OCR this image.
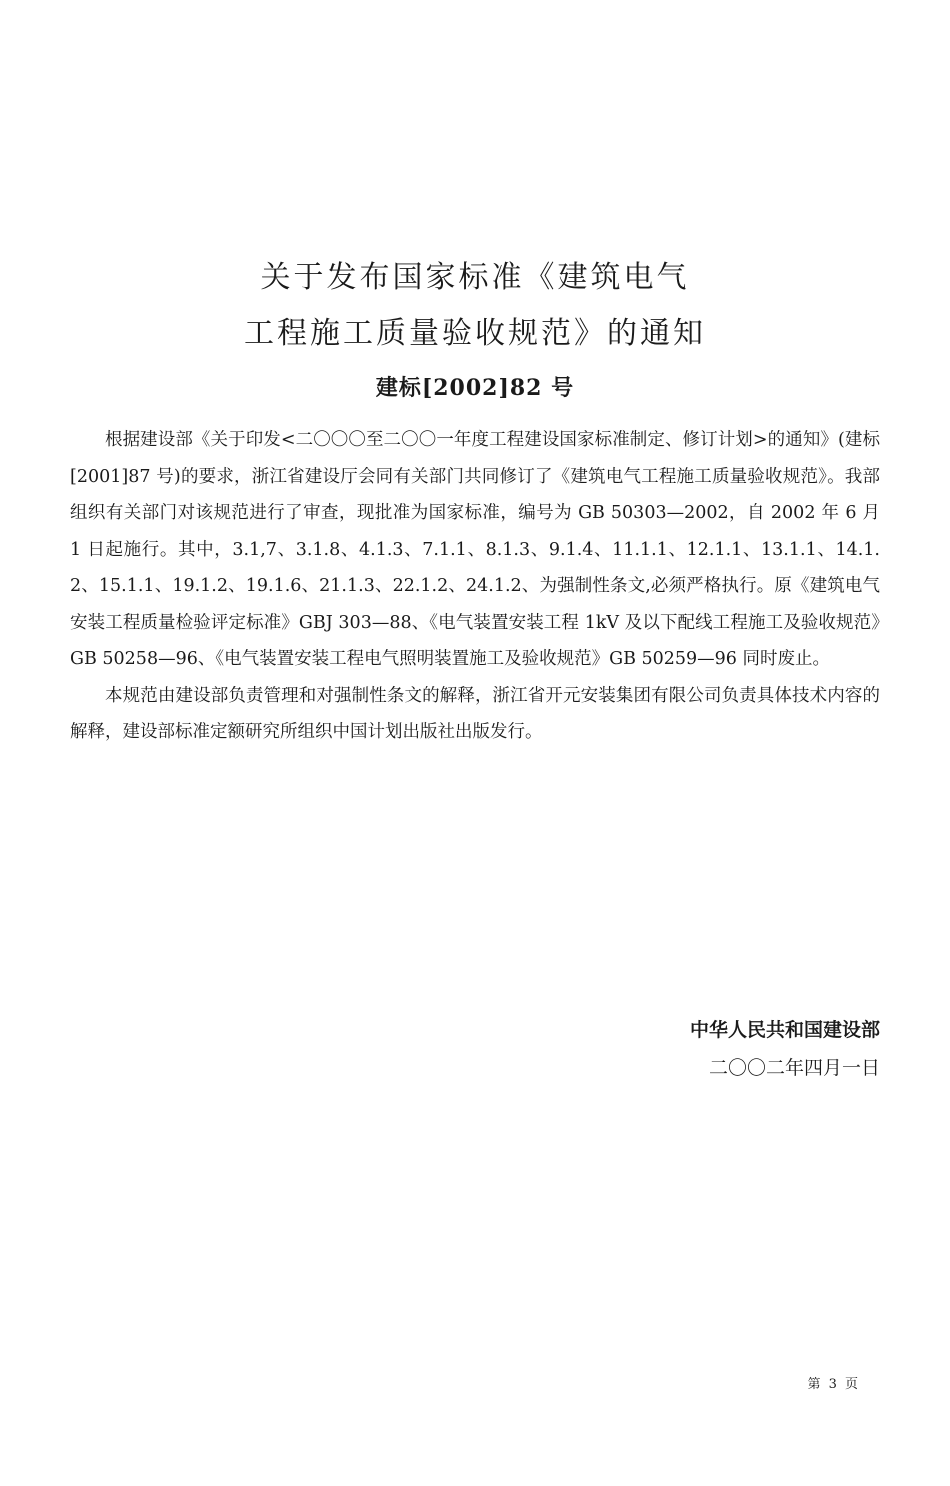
关于发布国家标准《建筑电气
工程施工质量验收规范》的通知
建标[2002]82 号

根据建设部《关于印发<二〇〇〇至二〇〇一年度工程建设国家标准制定、修订计划>的通知》(建标[2001]87 号)的要求，浙江省建设厅会同有关部门共同修订了《建筑电气工程施工质量验收规范》。我部组织有关部门对该规范进行了审查，现批准为国家标准，编号为 GB 50303—2002，自 2002 年 6 月 1 日起施行。其中，3.1,7、3.1.8、4.1.3、7.1.1、8.1.3、9.1.4、11.1.1、12.1.1、13.1.1、14.1.2、15.1.1、19.1.2、19.1.6、21.1.3、22.1.2、24.1.2、为强制性条文,必须严格执行。原《建筑电气安装工程质量检验评定标准》GBJ 303—88、《电气装置安装工程 1kV 及以下配线工程施工及验收规范》GB 50258—96、《电气装置安装工程电气照明装置施工及验收规范》GB 50259—96 同时废止。

本规范由建设部负责管理和对强制性条文的解释，浙江省开元安装集团有限公司负责具体技术内容的解释，建设部标准定额研究所组织中国计划出版社出版发行。

中华人民共和国建设部
二〇〇二年四月一日
第 3 页
